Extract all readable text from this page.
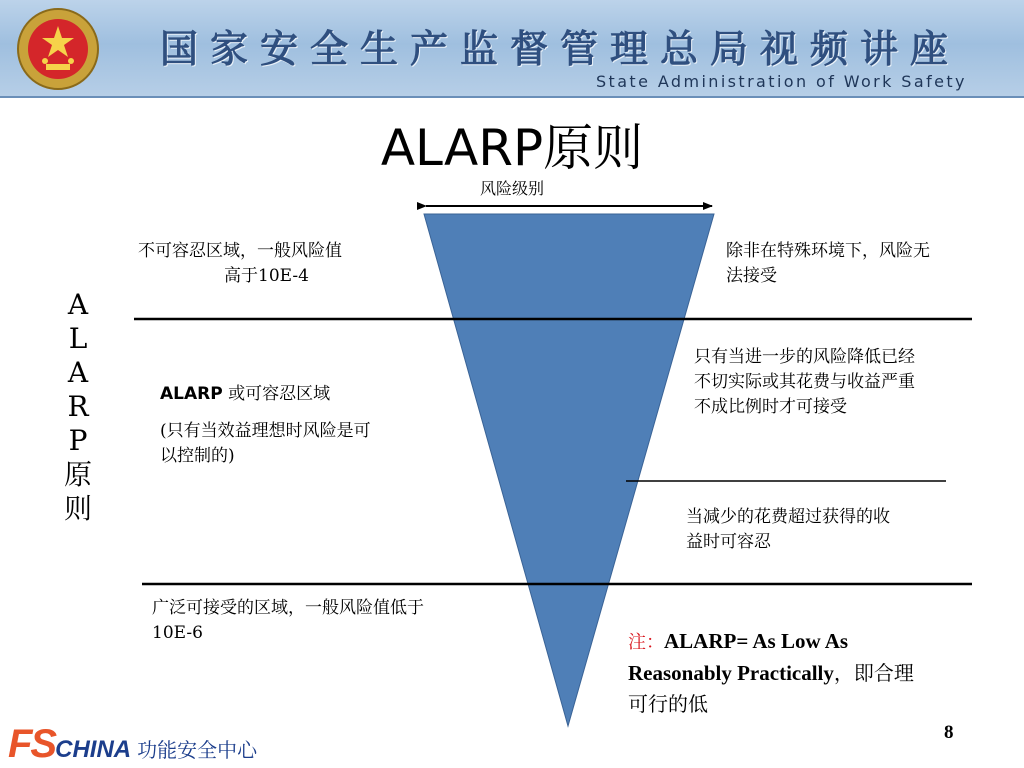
国家安全生产监督管理总局视频讲座
State Administration of Work Safety
ALARP原则
风险级别
A
L
A
R
P
原
则
不可容忍区域，一般风险值
高于10E-4
除非在特殊环境下，风险无
法接受
ALARP 或可容忍区域
(只有当效益理想时风险是可
以控制的)
只有当进一步的风险降低已经
不切实际或其花费与收益严重
不成比例时才可接受
当减少的花费超过获得的收
益时可容忍
广泛可接受的区域，一般风险值低于
10E-6	注：ALARP= As Low As
Reasonably Practically，即合理
可行的低
8
FSCHINA 功能安全中心
